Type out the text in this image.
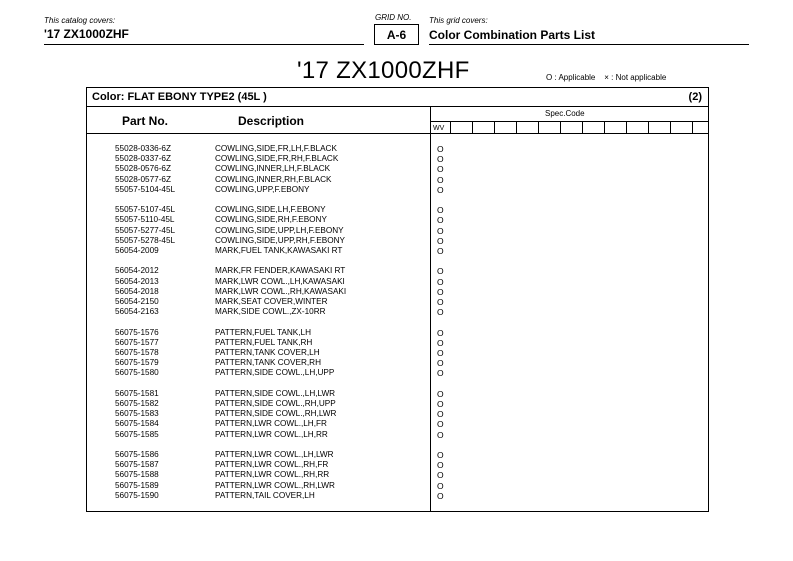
This catalog covers:
'17 ZX1000ZHF
GRID NO.
A-6
This grid covers:
Color Combination Parts List
'17 ZX1000ZHF	O : Applicable    × : Not applicable
Color: FLAT EBONY TYPE2 (45L )	(2)
Part No.	Description
Spec.Code
WV
55028-0336-6Z	COWLING,SIDE,FR,LH,F.BLACK	O
55028-0337-6Z	COWLING,SIDE,FR,RH,F.BLACK	O
55028-0576-6Z	COWLING,INNER,LH,F.BLACK	O
55028-0577-6Z	COWLING,INNER,RH,F.BLACK	O
55057-5104-45L	COWLING,UPP,F.EBONY	O
55057-5107-45L	COWLING,SIDE,LH,F.EBONY	O
55057-5110-45L	COWLING,SIDE,RH,F.EBONY	O
55057-5277-45L	COWLING,SIDE,UPP,LH,F.EBONY	O
55057-5278-45L	COWLING,SIDE,UPP,RH,F.EBONY	O
56054-2009	MARK,FUEL TANK,KAWASAKI RT	O
56054-2012	MARK,FR FENDER,KAWASAKI RT	O
56054-2013	MARK,LWR COWL.,LH,KAWASAKI	O
56054-2018	MARK,LWR COWL.,RH,KAWASAKI	O
56054-2150	MARK,SEAT COVER,WINTER	O
56054-2163	MARK,SIDE COWL.,ZX-10RR	O
56075-1576	PATTERN,FUEL TANK,LH	O
56075-1577	PATTERN,FUEL TANK,RH	O
56075-1578	PATTERN,TANK COVER,LH	O
56075-1579	PATTERN,TANK COVER,RH	O
56075-1580	PATTERN,SIDE COWL.,LH,UPP	O
56075-1581	PATTERN,SIDE COWL.,LH,LWR	O
56075-1582	PATTERN,SIDE COWL.,RH,UPP	O
56075-1583	PATTERN,SIDE COWL.,RH,LWR	O
56075-1584	PATTERN,LWR COWL.,LH,FR	O
56075-1585	PATTERN,LWR COWL.,LH,RR	O
56075-1586	PATTERN,LWR COWL.,LH,LWR	O
56075-1587	PATTERN,LWR COWL.,RH,FR	O
56075-1588	PATTERN,LWR COWL.,RH,RR	O
56075-1589	PATTERN,LWR COWL.,RH,LWR	O
56075-1590	PATTERN,TAIL COVER,LH	O
